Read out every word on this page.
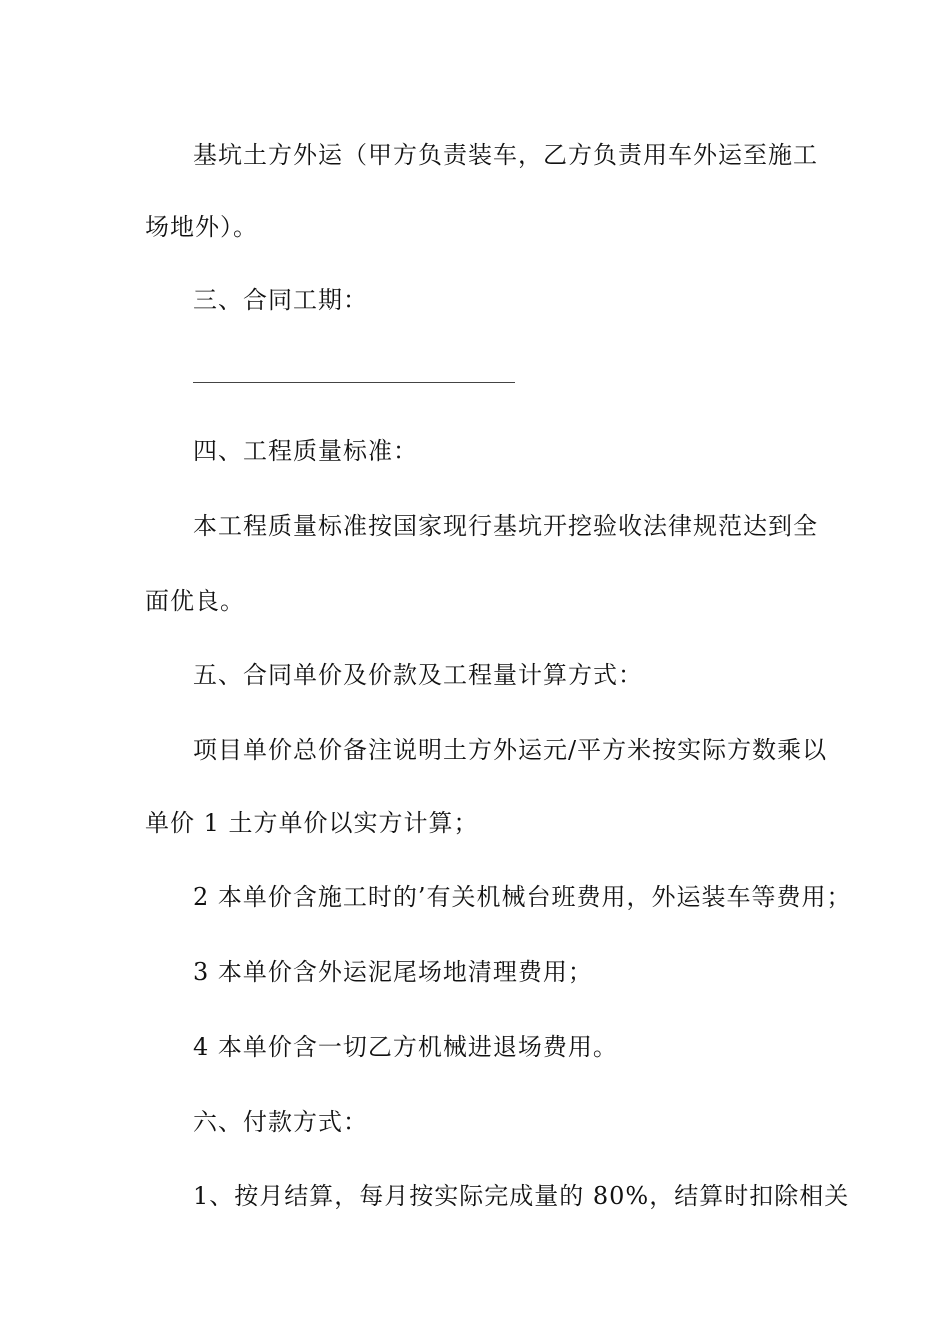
基坑土方外运（甲方负责装车，乙方负责用车外运至施工
场地外）。
三、合同工期：
四、工程质量标准：
本工程质量标准按国家现行基坑开挖验收法律规范达到全
面优良。
五、合同单价及价款及工程量计算方式：
项目单价总价备注说明土方外运元/平方米按实际方数乘以
单价 1 土方单价以实方计算；
2 本单价含施工时的’有关机械台班费用，外运装车等费用；
3 本单价含外运泥尾场地清理费用；
4 本单价含一切乙方机械进退场费用。
六、付款方式：
1、按月结算，每月按实际完成量的 80%，结算时扣除相关
